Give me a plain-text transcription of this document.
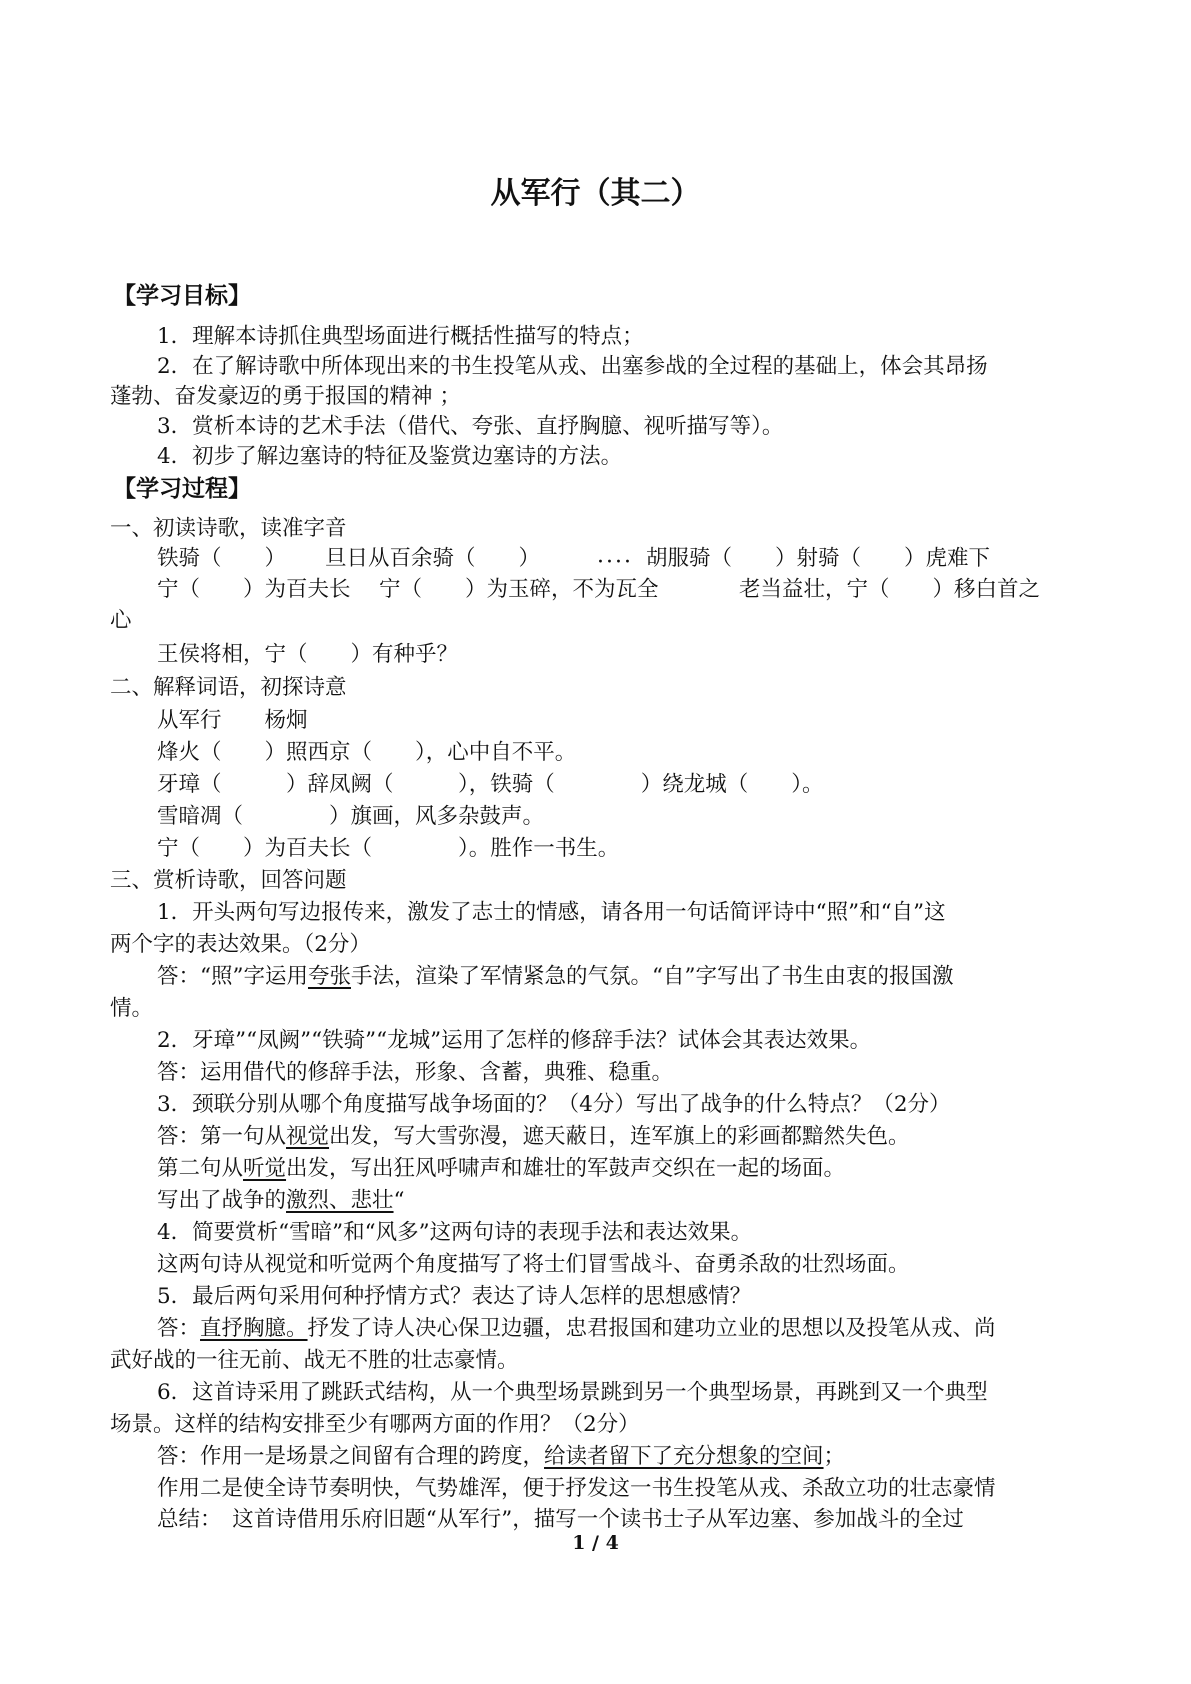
从军行（其二）
【学习目标】
1．理解本诗抓住典型场面进行概括性描写的特点；
2．在了解诗歌中所体现出来的书生投笔从戎、出塞参战的全过程的基础上，体会其昂扬
蓬勃、奋发豪迈的勇于报国的精神 ；
3．赏析本诗的艺术手法（借代、夸张、直抒胸臆、视听描写等）。
4．初步了解边塞诗的特征及鉴赏边塞诗的方法。
【学习过程】
一、初读诗歌，读准字音
铁骑（　　） 旦日从百余骑（　　）	胡服骑（　　）射骑（　　）虎难下
····
宁（　　）为百夫长 宁（　　）为玉碎，不为瓦全	老当益壮，宁（　　）移白首之
心
王侯将相，宁（　　）有种乎？
二、解释词语，初探诗意
从军行　　杨炯
烽火（　　）照西京（　　），心中自不平。
牙璋（　　　）辞凤阙（　　　），铁骑（　　　　）绕龙城（　　）。
雪暗凋（　　　　）旗画，风多杂鼓声。
宁（　　）为百夫长（　　　　）。胜作一书生。
三、赏析诗歌，回答问题
1．开头两句写边报传来，激发了志士的情感，请各用一句话简评诗中“照”和“自”这
两个字的表达效果。（2分）
答：“照”字运用夸张手法，渲染了军情紧急的气氛。“自”字写出了书生由衷的报国激
情。
2．牙璋”“凤阙”“铁骑”“龙城”运用了怎样的修辞手法？试体会其表达效果。
答：运用借代的修辞手法，形象、含蓄，典雅、稳重。
3．颈联分别从哪个角度描写战争场面的？（4分）写出了战争的什么特点？（2分）
答：第一句从视觉出发，写大雪弥漫，遮天蔽日，连军旗上的彩画都黯然失色。
第二句从听觉出发，写出狂风呼啸声和雄壮的军鼓声交织在一起的场面。
写出了战争的激烈、悲壮“
4．简要赏析“雪暗”和“风多”这两句诗的表现手法和表达效果。
这两句诗从视觉和听觉两个角度描写了将士们冒雪战斗、奋勇杀敌的壮烈场面。
5．最后两句采用何种抒情方式？表达了诗人怎样的思想感情？
答：直抒胸臆。抒发了诗人决心保卫边疆，忠君报国和建功立业的思想以及投笔从戎、尚
武好战的一往无前、战无不胜的壮志豪情。
6．这首诗采用了跳跃式结构，从一个典型场景跳到另一个典型场景，再跳到又一个典型
场景。这样的结构安排至少有哪两方面的作用？（2分）
答：作用一是场景之间留有合理的跨度，给读者留下了充分想象的空间；
作用二是使全诗节奏明快，气势雄浑，便于抒发这一书生投笔从戎、杀敌立功的壮志豪情
总结：　这首诗借用乐府旧题“从军行”，描写一个读书士子从军边塞、参加战斗的全过
1 / 4
